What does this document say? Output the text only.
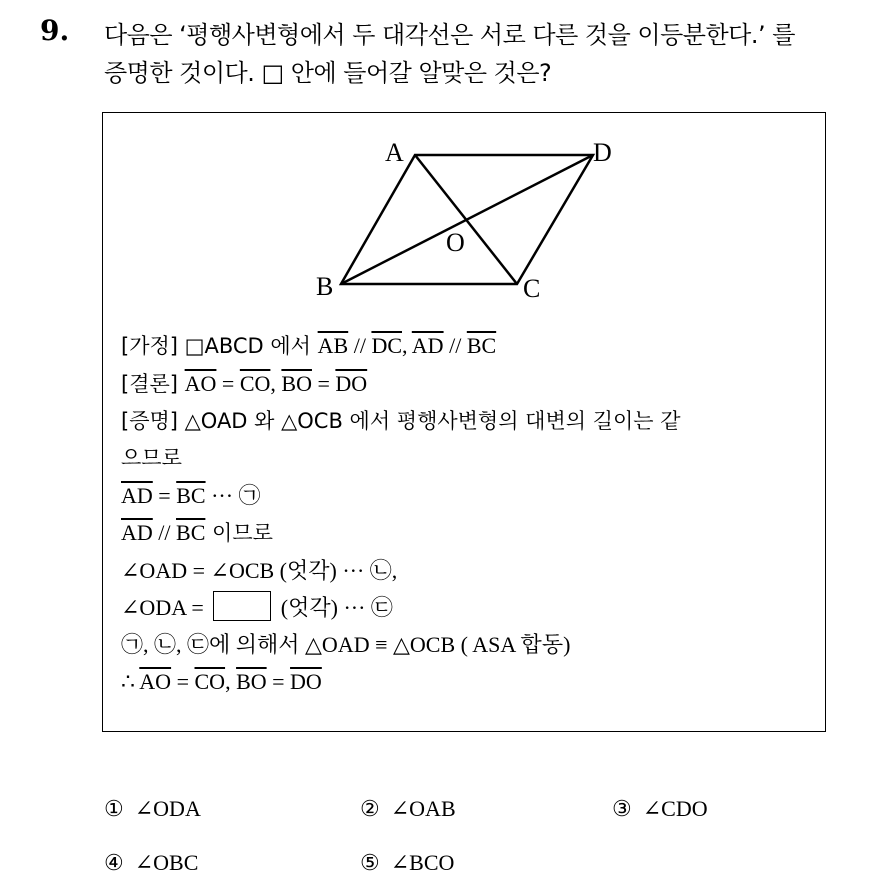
9. 다음은 ‘평행사변형에서 두 대각선은 서로 다른 것을 이등분한다.’ 를
증명한 것이다. □ 안에 들어갈 알맞은 것은?
A	D
B	C
O
[가정] □ABCD 에서 $\overline{AB} // \overline{DC}$, $\overline{AD} // \overline{BC}$
[결론] $\overline{AO} = \overline{CO}$, $\overline{BO} = \overline{DO}$
[증명] △OAD 와 △OCB 에서 평행사변형의 대변의 길이는 같
으므로
$\overline{AD} = \overline{BC}$ ··· ㉠
$\overline{AD} // \overline{BC}$ 이므로
∠OAD = ∠OCB (엇각) ··· ㉡,
∠ODA =	(엇각) ··· ㉢
㉠, ㉡, ㉢에 의해서 △OAD ≡ △OCB ( ASA 합동)
∴ $\overline{AO} = \overline{CO}$, $\overline{BO} = \overline{DO}$
① ∠ODA	② ∠OAB	③ ∠CDO
④ ∠OBC	⑤ ∠BCO
